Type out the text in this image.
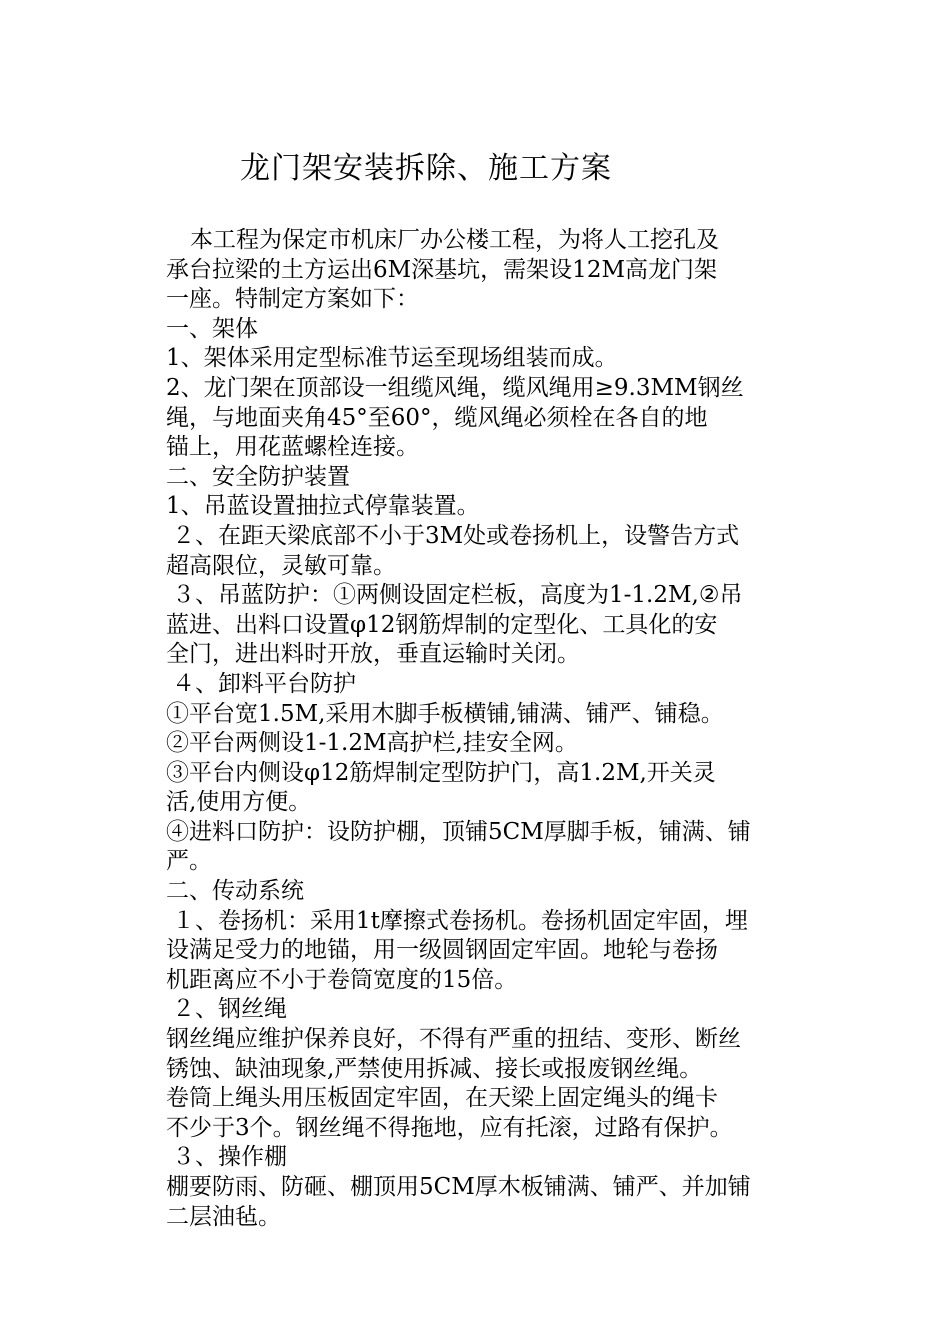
龙门架安装拆除、施工方案
本工程为保定市机床厂办公楼工程，为将人工挖孔及
承台拉梁的土方运出6M深基坑，需架设12M高龙门架
一座。特制定方案如下：
一、架体
1、架体采用定型标准节运至现场组装而成。
2、龙门架在顶部设一组缆风绳，缆风绳用≥9.3MM钢丝
绳，与地面夹角45°至60°，缆风绳必须栓在各自的地
锚上，用花蓝螺栓连接。
二、安全防护装置
1、吊蓝设置抽拉式停靠装置。
２、在距天梁底部不小于3M处或卷扬机上，设警告方式
超高限位，灵敏可靠。
３、吊蓝防护：①两侧设固定栏板，高度为1-1.2M,②吊
蓝进、出料口设置φ12钢筋焊制的定型化、工具化的安
全门，进出料时开放，垂直运输时关闭。
４、卸料平台防护
①平台宽1.5M,采用木脚手板横铺,铺满、铺严、铺稳。
②平台两侧设1-1.2M高护栏,挂安全网。
③平台内侧设φ12筋焊制定型防护门，高1.2M,开关灵
活,使用方便。
④进料口防护：设防护棚，顶铺5CM厚脚手板，铺满、铺
严。
二、传动系统
１、卷扬机：采用1t摩擦式卷扬机。卷扬机固定牢固，埋
设满足受力的地锚，用一级圆钢固定牢固。地轮与卷扬
机距离应不小于卷筒宽度的15倍。
２、钢丝绳
钢丝绳应维护保养良好，不得有严重的扭结、变形、断丝
锈蚀、缺油现象,严禁使用拆减、接长或报废钢丝绳。
卷筒上绳头用压板固定牢固，在天梁上固定绳头的绳卡
不少于3个。钢丝绳不得拖地，应有托滚，过路有保护。
３、操作棚
棚要防雨、防砸、棚顶用5CM厚木板铺满、铺严、并加铺
二层油毡。
